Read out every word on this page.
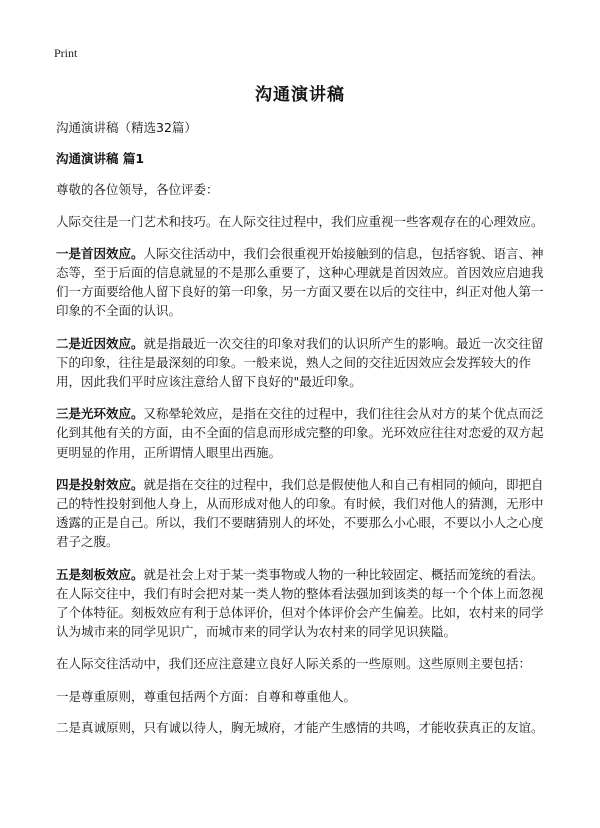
Print
沟通演讲稿

沟通演讲稿（精选32篇）

沟通演讲稿 篇1

尊敬的各位领导，各位评委：

人际交往是一门艺术和技巧。在人际交往过程中，我们应重视一些客观存在的心理效应。

一是首因效应。人际交往活动中，我们会很重视开始接触到的信息，包括容貌、语言、神态等，至于后面的信息就显的不是那么重要了，这种心理就是首因效应。首因效应启迪我们一方面要给他人留下良好的第一印象，另一方面又要在以后的交往中，纠正对他人第一印象的不全面的认识。

二是近因效应。就是指最近一次交往的印象对我们的认识所产生的影响。最近一次交往留下的印象，往往是最深刻的印象。一般来说，熟人之间的交往近因效应会发挥较大的作用，因此我们平时应该注意给人留下良好的"最近印象。

三是光环效应。又称晕轮效应，是指在交往的过程中，我们往往会从对方的某个优点而泛化到其他有关的方面，由不全面的信息而形成完整的印象。光环效应往往对恋爱的双方起更明显的作用，正所谓情人眼里出西施。

四是投射效应。就是指在交往的过程中，我们总是假使他人和自己有相同的倾向，即把自己的特性投射到他人身上，从而形成对他人的印象。有时候，我们对他人的猜测，无形中透露的正是自己。所以，我们不要瞎猜别人的坏处，不要那么小心眼，不要以小人之心度君子之腹。

五是刻板效应。就是社会上对于某一类事物或人物的一种比较固定、概括而笼统的看法。在人际交往中，我们有时会把对某一类人物的整体看法强加到该类的每一个个体上而忽视了个体特征。刻板效应有利于总体评价，但对个体评价会产生偏差。比如，农村来的同学认为城市来的同学见识广，而城市来的同学认为农村来的同学见识狭隘。

在人际交往活动中，我们还应注意建立良好人际关系的一些原则。这些原则主要包括：

一是尊重原则，尊重包括两个方面：自尊和尊重他人。

二是真诚原则，只有诚以待人，胸无城府，才能产生感情的共鸣，才能收获真正的友谊。
